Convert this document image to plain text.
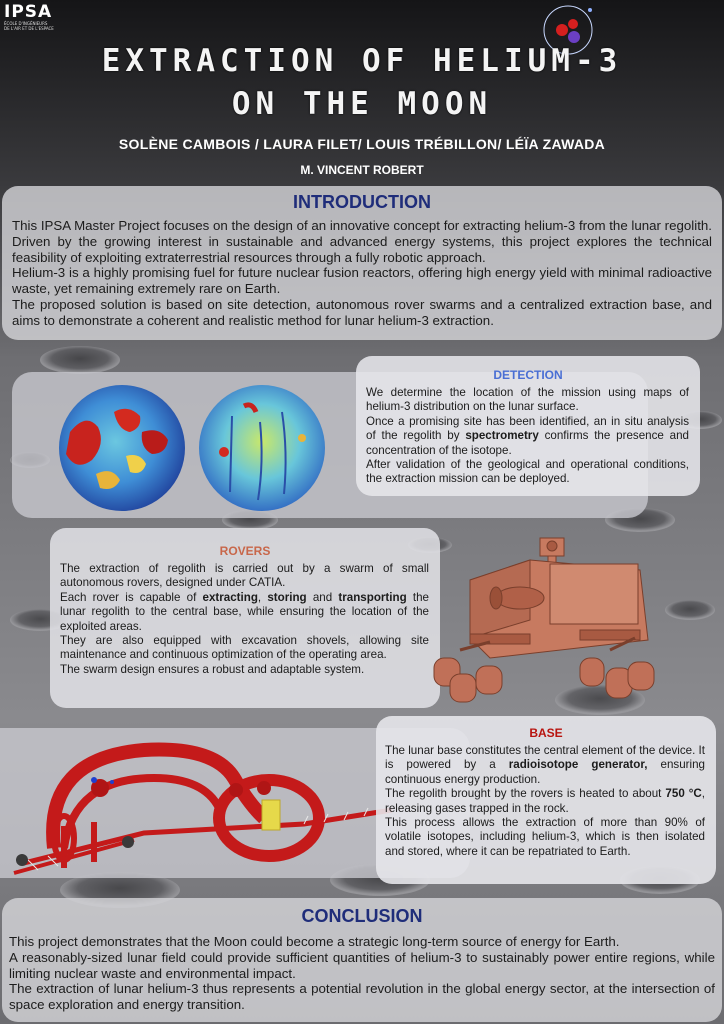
IPSA
ÉCOLE D'INGÉNIEURS
DE L'AIR ET DE L'ESPACE
EXTRACTION OF HELIUM-3
ON THE MOON
SOLÈNE CAMBOIS / LAURA FILET/ LOUIS TRÉBILLON/ LÉÏA ZAWADA
M. VINCENT ROBERT
INTRODUCTION
This IPSA Master Project focuses on the design of an innovative concept for extracting helium-3 from the lunar regolith. Driven by the growing interest in sustainable and advanced energy systems, this project explores the technical feasibility of exploiting extraterrestrial resources through a fully robotic approach.
Helium-3 is a highly promising fuel for future nuclear fusion reactors, offering high energy yield with minimal radioactive waste, yet remaining extremely rare on Earth.
The proposed solution is based on site detection, autonomous rover swarms and a centralized extraction base, and aims to demonstrate a coherent and realistic method for lunar helium-3 extraction.
DETECTION
We determine the location of the mission using maps of helium-3 distribution on the lunar surface.
Once a promising site has been identified, an in situ analysis of the regolith by spectrometry confirms the presence and concentration of the isotope.
After validation of the geological and operational conditions, the extraction mission can be deployed.
ROVERS
The extraction of regolith is carried out by a swarm of small autonomous rovers, designed under CATIA.
Each rover is capable of extracting, storing and transporting the lunar regolith to the central base, while ensuring the location of the exploited areas.
They are also equipped with excavation shovels, allowing site maintenance and continuous optimization of the operating area.
The swarm design ensures a robust and adaptable system.
BASE
The lunar base constitutes the central element of the device. It is powered by a radioisotope generator, ensuring continuous energy production.
The regolith brought by the rovers is heated to about 750 °C, releasing gases trapped in the rock.
This process allows the extraction of more than 90% of volatile isotopes, including helium-3, which is then isolated and stored, where it can be repatriated to Earth.
CONCLUSION
This project demonstrates that the Moon could become a strategic long-term source of energy for Earth.
A reasonably-sized lunar field could provide sufficient quantities of helium-3 to sustainably power entire regions, while limiting nuclear waste and environmental impact.
The extraction of lunar helium-3 thus represents a potential revolution in the global energy sector, at the intersection of space exploration and energy transition.
